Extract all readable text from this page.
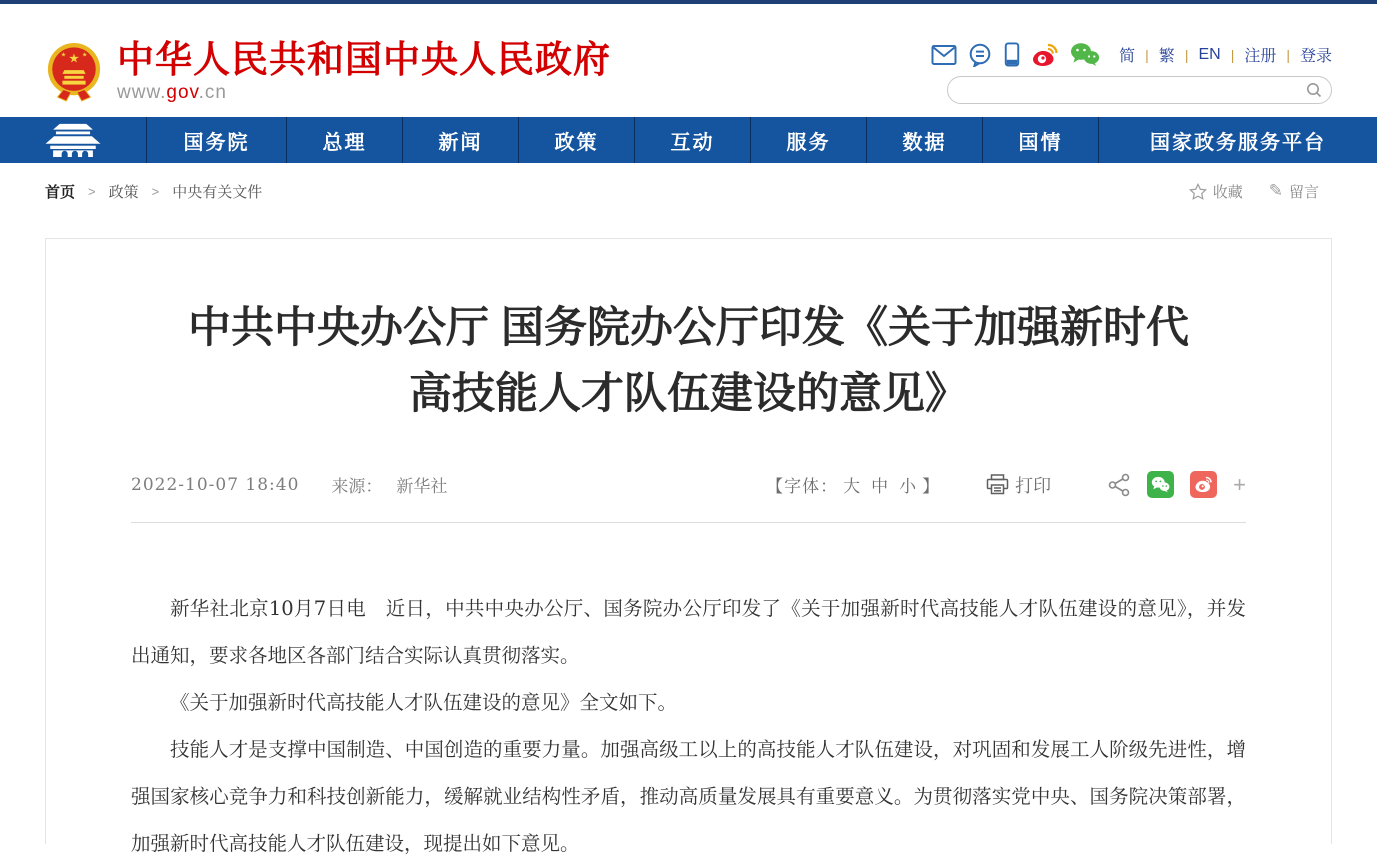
★
★	★ 中华人民共和国中央人民政府
www.gov.cn
简 | 繁 | EN | 注册 | 登录
国务院	总理	新闻	政策	互动	服务	数据	国情	国家政务服务平台
首页 > 政策 > 中央有关文件	收藏 ✎ 留言
中共中央办公厅 国务院办公厅印发《关于加强新时代
高技能人才队伍建设的意见》
2022-10-07 18:40 来源： 新华社	【字体： 大 中 小 】	打印	+

新华社北京10月7日电　近日，中共中央办公厅、国务院办公厅印发了《关于加强新时代高技能人才队伍建设的意见》，并发出通知，要求各地区各部门结合实际认真贯彻落实。

《关于加强新时代高技能人才队伍建设的意见》全文如下。

技能人才是支撑中国制造、中国创造的重要力量。加强高级工以上的高技能人才队伍建设，对巩固和发展工人阶级先进性，增强国家核心竞争力和科技创新能力，缓解就业结构性矛盾，推动高质量发展具有重要意义。为贯彻落实党中央、国务院决策部署，加强新时代高技能人才队伍建设，现提出如下意见。
